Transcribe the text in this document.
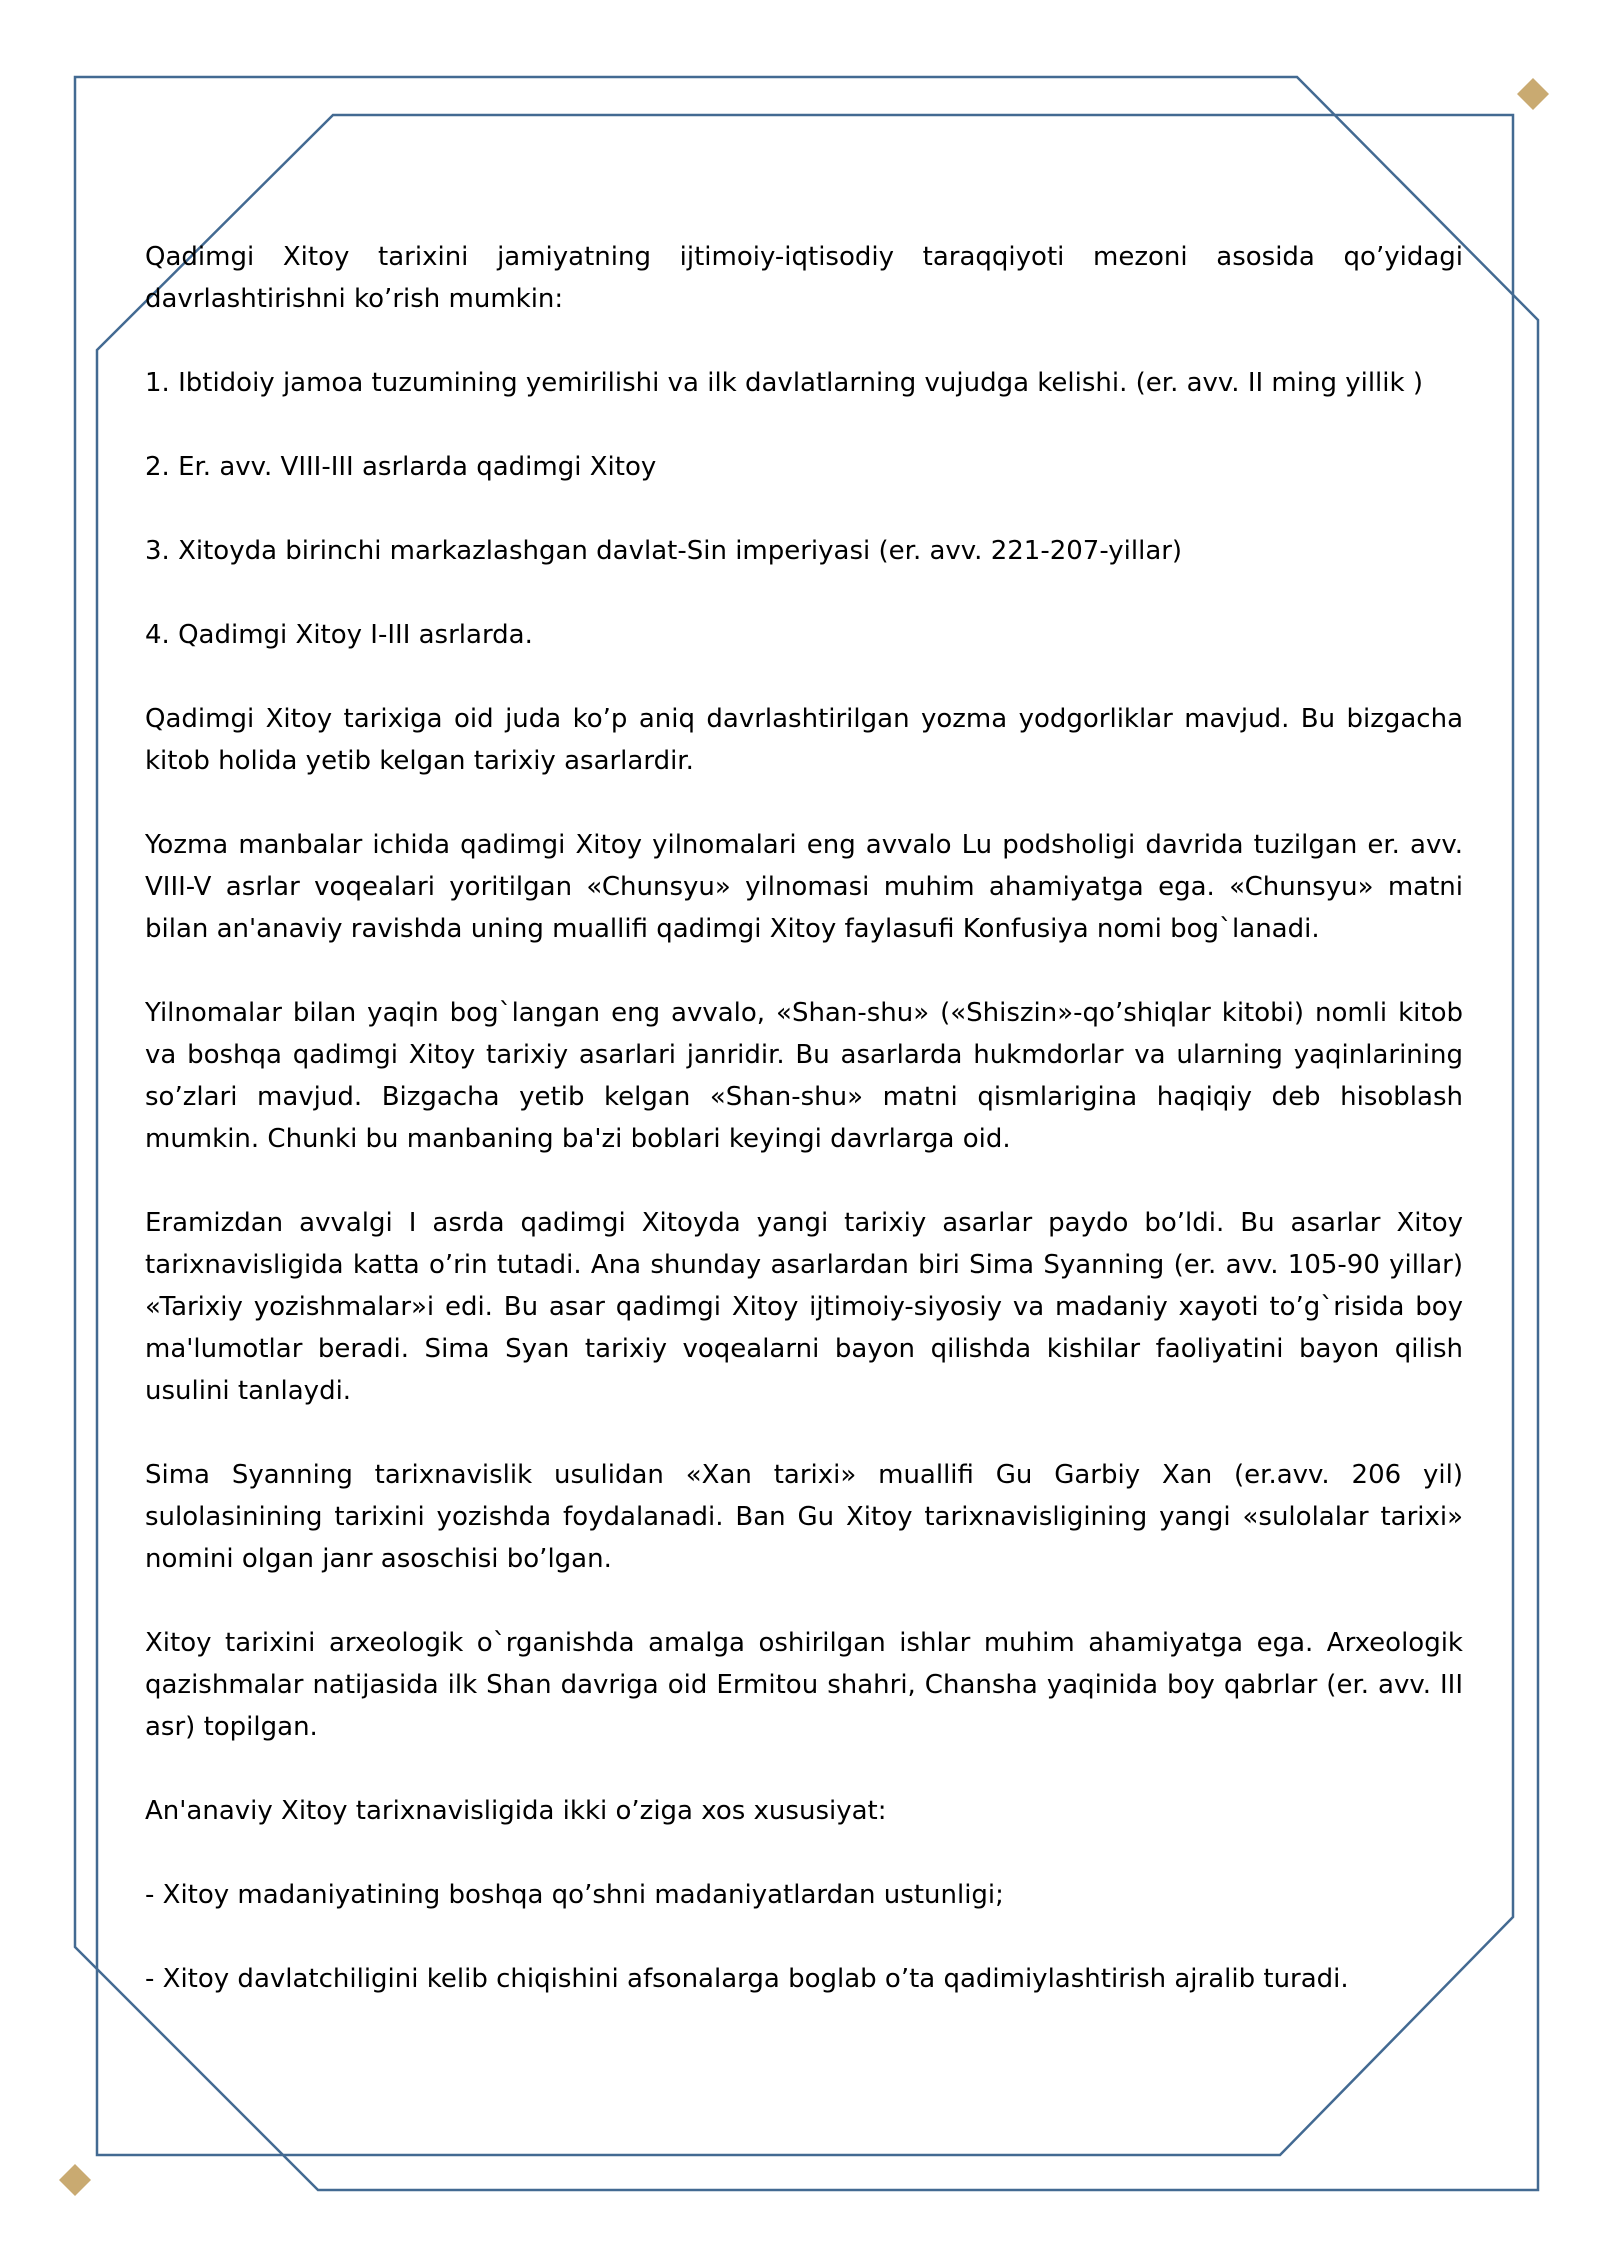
Qadimgi Xitoy tarixini jamiyatning ijtimoiy-iqtisodiy taraqqiyoti mezoni asosida qo’yidagi davrlashtirishni ko’rish mumkin:

1. Ibtidoiy jamoa tuzumining yemirilishi va ilk davlatlarning vujudga kelishi. (er. avv. II ming yillik )

2. Er. avv. VIII-III asrlarda qadimgi Xitoy

3. Xitoyda birinchi markazlashgan davlat-Sin imperiyasi (er. avv. 221-207-yillar)

4. Qadimgi Xitoy I-III asrlarda.

Qadimgi Xitoy tarixiga oid juda ko’p aniq davrlashtirilgan yozma yodgorliklar mavjud. Bu bizgacha kitob holida yetib kelgan tarixiy asarlardir.

Yozma manbalar ichida qadimgi Xitoy yilnomalari eng avvalo Lu podsholigi davrida tuzilgan er. avv. VIII-V asrlar voqealari yoritilgan «Chunsyu» yilnomasi muhim ahamiyatga ega. «Chunsyu» matni bilan an'anaviy ravishda uning muallifi qadimgi Xitoy faylasufi Konfusiya nomi bog`lanadi.

Yilnomalar bilan yaqin bog`langan eng avvalo, «Shan-shu» («Shiszin»-qo’shiqlar kitobi) nomli kitob va boshqa qadimgi Xitoy tarixiy asarlari janridir. Bu asarlarda hukmdorlar va ularning yaqinlarining so’zlari mavjud. Bizgacha yetib kelgan «Shan-shu» matni qismlarigina haqiqiy deb hisoblash mumkin. Chunki bu manbaning ba'zi boblari keyingi davrlarga oid.

Eramizdan avvalgi I asrda qadimgi Xitoyda yangi tarixiy asarlar paydo bo’ldi. Bu asarlar Xitoy tarixnavisligida katta o’rin tutadi. Ana shunday asarlardan biri Sima Syanning (er. avv. 105-90 yillar) «Tarixiy yozishmalar»i edi. Bu asar qadimgi Xitoy ijtimoiy-siyosiy va madaniy xayoti to’g`risida boy ma'lumotlar beradi. Sima Syan tarixiy voqealarni bayon qilishda kishilar faoliyatini bayon qilish usulini tanlaydi.

Sima Syanning tarixnavislik usulidan «Xan tarixi» muallifi Gu Garbiy Xan (er.avv. 206 yil) sulolasinining tarixini yozishda foydalanadi. Ban Gu Xitoy tarixnavisligining yangi «sulolalar tarixi» nomini olgan janr asoschisi bo’lgan.

Xitoy tarixini arxeologik o`rganishda amalga oshirilgan ishlar muhim ahamiyatga ega. Arxeologik qazishmalar natijasida ilk Shan davriga oid Ermitou shahri, Chansha yaqinida boy qabrlar (er. avv. III asr) topilgan.

An'anaviy Xitoy tarixnavisligida ikki o’ziga xos xususiyat:

- Xitoy madaniyatining boshqa qo’shni madaniyatlardan ustunligi;

- Xitoy davlatchiligini kelib chiqishini afsonalarga boglab o’ta qadimiylashtirish ajralib turadi.
